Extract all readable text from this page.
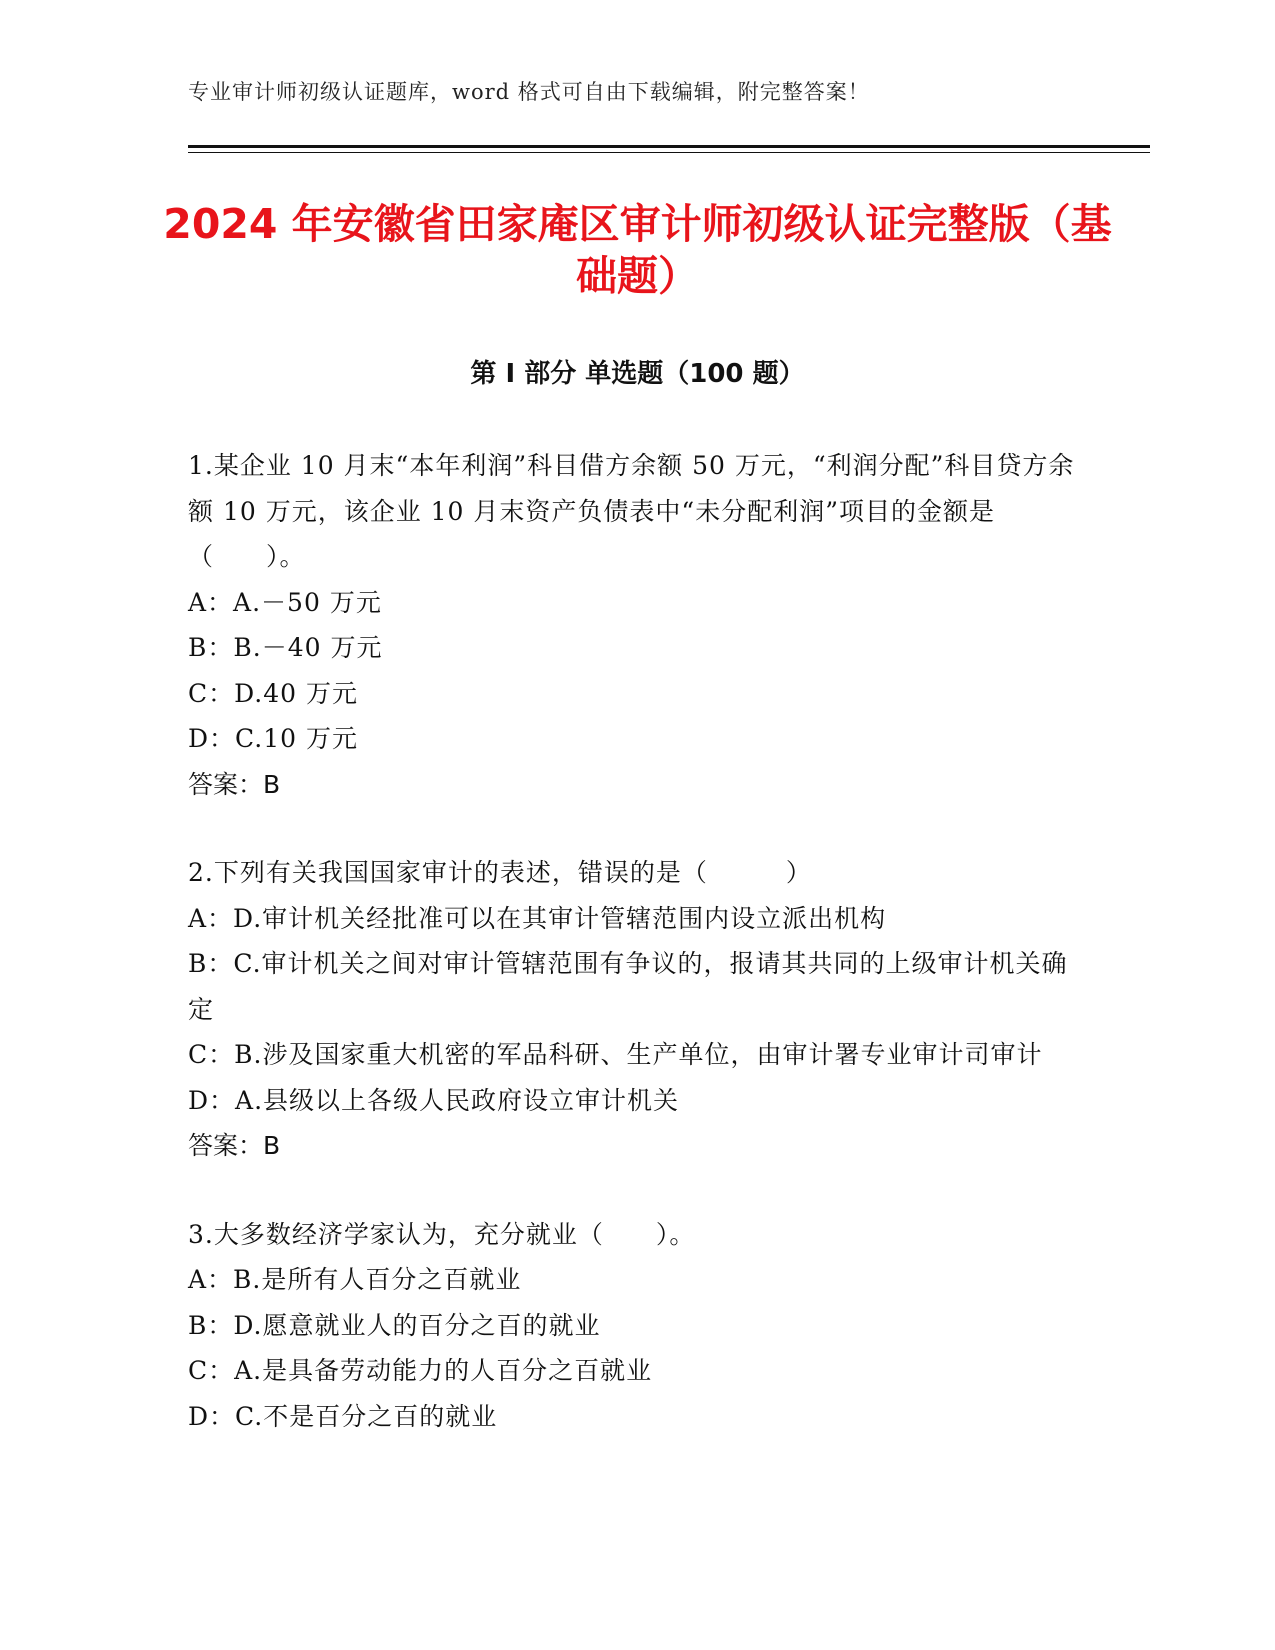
专业审计师初级认证题库，word 格式可自由下载编辑，附完整答案！
2024 年安徽省田家庵区审计师初级认证完整版（基础题）
第 I 部分 单选题（100 题）
1.某企业 10 月末“本年利润”科目借方余额 50 万元，“利润分配”科目贷方余额 10 万元，该企业 10 月末资产负债表中“未分配利润”项目的金额是（　　）。
A：A.－50 万元
B：B.－40 万元
C：D.40 万元
D：C.10 万元
答案：B
2.下列有关我国国家审计的表述，错误的是（　　　）
A：D.审计机关经批准可以在其审计管辖范围内设立派出机构
B：C.审计机关之间对审计管辖范围有争议的，报请其共同的上级审计机关确定
C：B.涉及国家重大机密的军品科研、生产单位，由审计署专业审计司审计
D：A.县级以上各级人民政府设立审计机关
答案：B
3.大多数经济学家认为，充分就业（　　）。
A：B.是所有人百分之百就业
B：D.愿意就业人的百分之百的就业
C：A.是具备劳动能力的人百分之百就业
D：C.不是百分之百的就业
